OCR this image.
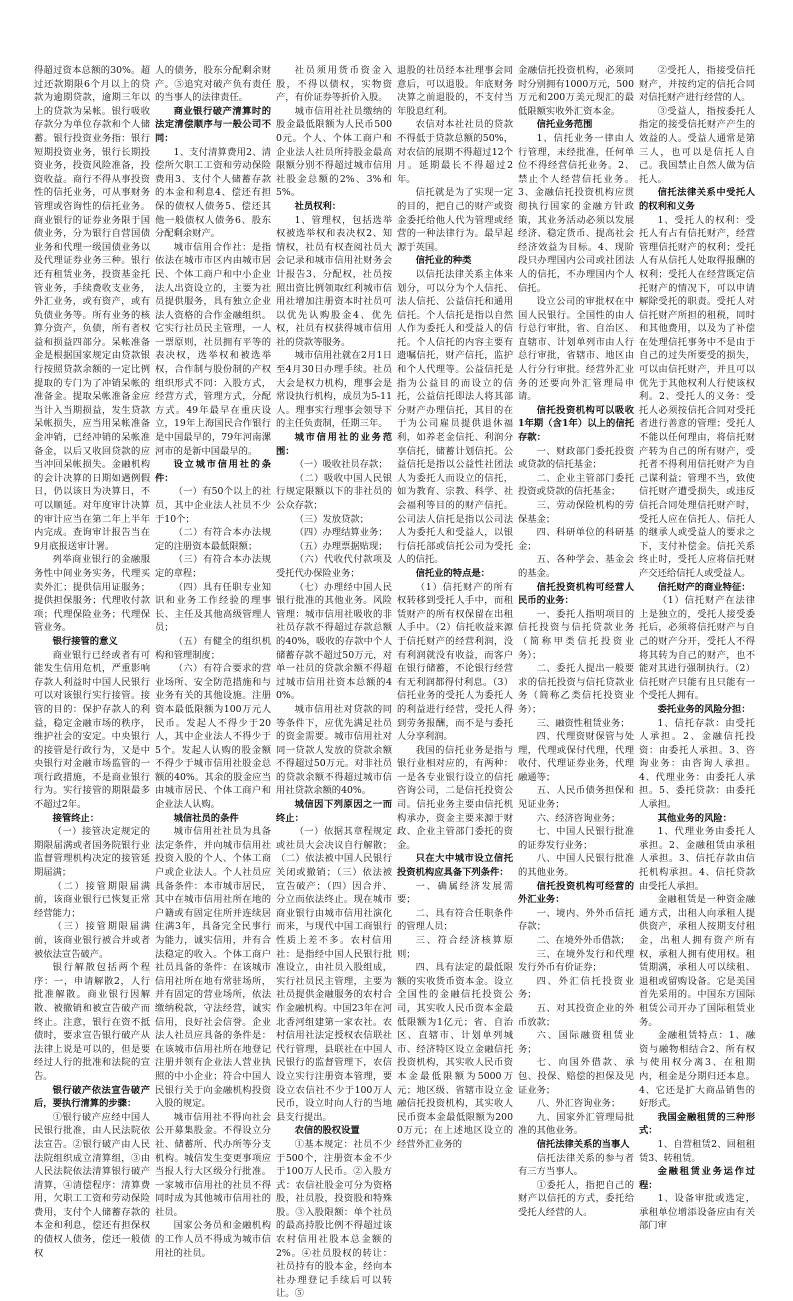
得超过资本总额的30%。超过还款期限6个月以上的贷款为逾期贷款，逾期三年以上的贷款为呆帐。银行吸收存款分为单位存款和个人储蓄。银行投资业务指：银行短期投资业务，银行长期投资业务，投资风险准备，投资收益。商行不得从事投资性的信托业务，可从事财务管理或咨询性的信托业务。商业银行的证券业务限于国债业务，分为银行自营国债业务和代理一级国债业务以及代理证券业务三种。银行还有租赁业务，投资基金托管业务，手续费收支业务，外汇业务，或有资产，或有负债业务等。所有业务的核算分资产，负债，所有者权益和损益四部分。呆帐准备金是根据国家规定由贷款银行按照贷款余额的一定比例提取的专门为了冲销呆帐的准备金。提取呆帐准备金应当计入当期损益，发生贷款呆帐损失，应当用呆帐准备金冲销，已经冲销的呆帐准备金，以后又收回贷款的应当冲回呆帐损失。金融机构的会计决算的日期如遇例假日，仍以该日为决算日，不可以顺延。对年度审计决算的审计应当在第二年上半年内完成。查询审计报告当在9月底报送审计署。

列举商业银行的金融服务性中间业务实务，代理买卖外汇；提供信用证服务；提供担保服务；代理收付款项；代理保险业务；代理保管业务。

银行接管的意义

商业银行已经或者有可能发生信用危机，严重影响存款人利益时中国人民银行可以对该银行实行接管。接管的目的：保护存款人的利益，稳定金融市场的秩序，维护社会的安定。中央银行的接管是行政行为，又是中央银行对金融市场监管的一项行政措施，不是商业银行行为。实行接管的期限最多不超过2年。

接管终止：

（一）接管决定规定的期限届满或者国务院银行业监督管理机构决定的接管延期届满；

（二）接管期限届满前，该商业银行已恢复正常经营能力；

（三）接管期限届满前，该商业银行被合并或者被依法宣告破产。

银行解散包括两个程序：一，申请解散2，人行批准解散。商业银行因解散、被撤销和被宣告破产而终止。注意，银行在资不抵债时，要求宣告银行破产从法律上说是可以的，但是要经过人行的批准和法院的宣告。

银行破产依法宣告破产后，要执行清算的步骤：

①银行破产应经中国人民银行批准，由人民法院依法宣告。②银行破产由人民法院组织成立清算组，③由人民法院依法清算银行破产清算，④清偿程序：清算费用，欠职工工资和劳动保险费用，支付个人储蓄存款的本金和利息，偿还有担保权的债权人债务，偿还一般债权

人的债务，股东分配剩余财产。⑤追究对破产负有责任的当事人的法律责任。

商业银行破产清算时的法定清偿顺序与一般公司不同：

1、支付清算费用2、清偿所欠职工工资和劳动保险费用3、支付个人储蓄存款的本金和利息4、偿还有担保的债权人债务5、偿还其他一般债权人债务6、股东分配剩余财产。

城市信用合作社：是指依法在城市市区内由城市居民、个体工商户和中小企业法人出资设立的，主要为社员提供服务，具有独立企业法人资格的合作金融组织。它实行社员民主管理，一人一票原则，社员拥有平等的表决权，选举权和被选举权，合作制与股份制的产权组织形式不同：入股方式，经营方式，管理方式，分配方式。49年最早在重庆设立，19年上海国民合作银行是中国最早的，79年河南漯河市的是新中国最早的。

设立城市信用社的条件：

（一）有50个以上的社员，其中企业法人社员不少于10个；

（二）有符合本办法规定的注册资本最低限额；

（三）有符合本办法规定的章程；

（四）具有任职专业知识和业务工作经验的理事长、主任及其他高级管理人员；

（五）有健全的组织机构和管理制度；

（六）有符合要求的营业场所、安全防范措施和与业务有关的其他设施。注册资本最低限额为100万元人民币。发起人不得少于20人，其中企业法人不得少于5个。发起人认购的股金额不得少于城市信用社股金总额的40%。其余的股金应当由城市居民、个体工商户和企业法人认购。

城信社员的条件

城市信用社社员为具备法定条件，并向城市信用社投资入股的个人、个体工商户或企业法人。个人社员应具备条件：本市城市居民，其中在城市信用社所在地的户籍或有固定住所并连续居住满3年，具备完全民事行为能力，诚实信用，并有合法稳定的收入。个体工商户社员具备的条件：在该城市信用社所在地有常驻场所，并有固定的营业场所，依法缴纳税款，守法经营，诚实信用，良好社会信誉。企业法人社员应具备的条件是：在该城市信用社所在地登记注册并领有企业法人营业执照的中小企业；符合中国人民银行关于向金融机构投资入股的规定。

城市信用社不得向社会公开募集股金。不得设立分社、储蓄所、代办所等分支机构。城信发生变更事项应当报人行大区级分行批准。一家城市信用社的社员不得同时成为其他城市信用社的社员。

国家公务员和金融机构的工作人员不得成为城市信用社的社员。

社员须用货币资金入股，不得以债权，实物资产，有价证券等折价入股。

城市信用社社员缴纳的股金最低限额为人民币5000元。个人、个体工商户和企业法人社员所持股金最高限额分别不得超过城市信用社股金总额的2%、3%和5%。

社员权利：

1、管理权，包括选举权被选举权和表决权2、知情权，社员有权查阅社员大会记录和城市信用社财务会计报告3、分配权，社员按照出资比例领取红利城市信用社增加注册资本时社员可以优先认购股金4、优先权，社员有权获得城市信用社的贷款等服务。

城市信用社就在2月1日至4月30日办理手续。社员大会是权力机构，理事会是常设执行机构，成员为5-11人。理事实行理事会领导下的主任负责制，任期三年。

城市信用社的业务范围：

（一）吸收社员存款；

（二）吸收中国人民银行规定限额以下的非社员的公众存款；

（三）发放贷款；

（四）办理结算业务；

（五）办理票据贴现；

（六）代收代付款项及受托代办保险业务；

（七）办理经中国人民银行批准的其他业务。风险管理：城市信用社吸收的非社员存款不得超过存款总额的40%，吸收的存款中个人储蓄存款不超过50万元，对单一社员的贷款余额不得超过城市信用社资本总额的40%。

城市信用社对贷款的同等条件下，应优先满足社员的资金需要。城市信用社对同一贷款人发放的贷款余额不得超过50万元。对非社员的贷款余额不得超过城市信用社贷款余额的40%。

城信因下列原因之一而终止：

（一）依据其章程规定或社员大会决议自行解散；（二）依法被中国人民银行关闭或撤销；（三）依法被宣告破产；（四）因合并、分立而依法终止。现在城市商业银行由城市信用社演化而来，与现代中国工商银行性质上差不多。农村信用社：是指经中国人民银行批准设立，由社员入股组成，实行社员民主管理，主要为社员提供金融服务的农村合作金融机构。中国23年在河北香河组建第一家农社。农村信用社法定授权农信联社代行管理，县联社在中国人民银行的监督管理下，农信设立实行注册资本管理，要设立农信社不少于100万人民币，设立时向人行的当地县支行提出。

农信的股权设置

①基本规定：社员不少于500个，注册资本金不少于100万人民币。②入股方式：农信社股金可分为资格股，社员股，投资股和特殊股。③入股限额：单个社员的最高持股比例不得超过该农村信用社股本总金额的2%。④社员股权的转让：社员持有的股本金，经向本社办理登记手续后可以转让。⑤

退股的社员经本社理事会同意后，可以退股。年底财务决算之前退股的，不支付当年股息红利。

农信对本社社员的贷款不得低于贷款总额的50%，对农信的展期不得超过12个月。延期最长不得超过2年。

信托就是为了实现一定的目的，把自己的财产或资金委托给他人代为管理或经营的一种法律行为。最早起源于英国。

信托业的种类

以信托法律关系主体来划分，可以分为个人信托、法人信托、公益信托和通用信托。个人信托是指以自然人作为委托人和受益人的信托。个人信托的内容主要有遗嘱信托，财产信托，监护和个人代理等。公益信托是指为公益目的而设立的信托，公益信托即法人将其部分财产办理信托，其目的在于为公司雇员提供退休福利，如养老金信托、利润分享信托，储蓄计划信托。公益信托是指以公益性社团法人为委托人而设立的信托，如为教育、宗教、科学、社会福利等目的的财产信托。公司法人信托是指以公司法人为委托人和受益人，以银行信托部或信托公司为受托人的信托。

信托业的特点是：

（1）信托财产的所有权转移到受托人手中，而租赁财产的所有权保留在出租人手中。（2）信托收益来源于信托财产的经营利润，没有利润就没有收益，而客户在银行储蓄，不论银行经营有无利润都得付利息。（3）信托业务的受托人为委托人的利益进行经营，受托人得到劳务报酬，而不是与委托人分享利润。

我国的信托业务是指与银行业相对应的，有两种：一是各专业银行设立的信托咨询公司，二是信托投资公司。信托业务主要由信托机构承办，资金主要来源于财政、企业主管部门委托的资金。

只在大中城市设立信托投资机构应具备下列条件：

一、确属经济发展需要；

二、具有符合任职条件的管理人员；

三、符合经济核算原则；

四、具有法定的最低限额的实收货币资本金。设立全国性的金融信托投资公司，其实收人民币资本金最低限额为1亿元；省、自治区、直辖市、计划单列城市、经济特区设立金融信托投资机构，其实收人民币资本金最低限额为5000万元；地区级、省辖市设立金融信托投资机构，其实收人民币资本金最低限额为2000万元；在上述地区设立的经营外汇业务的

金融信托投资机构，必须同时分别拥有1000万元，500万元和200万美元现汇的最低限额实收外汇资本金。

信托业务范围

1、信托业务一律由人行管理，未经批准，任何单位不得经营信托业务。2、禁止个人经营信托业务。3、金融信托投资机构应贯彻执行国家的金融方针政策，其业务活动必须以发展经济、稳定货币、提高社会经济效益为目标。4、现阶段只办理国内公司或社团法人的信托，不办理国内个人信托。

设立公司的审批权在中国人民银行。全国性的由人行总行审批，省、自治区、直辖市、计划单列市由人行总行审批，省辖市、地区由人行分行审批。经营外汇业务的还要向外汇管理局申请。

信托投资机构可以吸收1年期（含1年）以上的信托存款：

一、财政部门委托投资或贷款的信托基金；

二、企业主管部门委托投资或贷款的信托基金；

三、劳动保险机构的劳保基金；

四、科研单位的科研基金；

五、各种学会、基金会的基金。

信托投资机构可经营人民币的业务：

一、委托人指明项目的信托投资与信托贷款业务（简称甲类信托投资业务）；

二、委托人提出一般要求的信托投资与信托贷款业务（简称乙类信托投资业务）；

三、融资性租赁业务；

四、代理资财保管与处理，代理或保付代理，代理收付、代理证券业务，代理融通等；

五、人民币债务担保和见证业务；

六、经济咨询业务；

七、中国人民银行批准的证券发行业务；

八、中国人民银行批准的其他业务。

信托投资机构可经营的外汇业务：

一、境内、外外币信托存款；

二、在境外外币借款；

三、在境外发行和代理发行外币有价证券；

四、外汇信托投资业务；

五、对其投资企业的外币放款；

六、国际融资租赁业务；

七、向国外借款、承包、投保、赔偿的担保及见证业务；

八、外汇咨询业务；

九、国家外汇管理局批准的其他业务。

信托法律关系的当事人

信托法律关系的参与者有三方当事人。

①委托人，指把自己的财产以信托的方式，委托给受托人经营的人。

②受托人，指接受信托财产，并按约定的信托合同对信托财产进行经营的人。

③受益人，指按委托人指定的接受信托财产产生的效益的人。受益人通常是第三人，也可以是信托人自己。我国禁止自然人做为信托人。

信托法律关系中受托人的权利和义务

1、受托人的权利：受托人有占有信托财产，经营管理信托财产的权利；受托人有从信托人处取得报酬的权利；受托人在经营既定信托财产的情况下，可以申请解除受托的职责。受托人对信托财产所担的租税，同时和其他费用，以及为了补偿在处理信托事务中不是由于自己的过失所要受的损失，可以由信托财产，并且可以优先于其他权利人行使该权利。2、受托人的义务：受托人必须按信托合同对受托者进行善意的管理；受托人不能以任何理由，将信托财产转为自己的所有财产，受托者不得利用信托财产为自己谋利益；管理不当，致使信托财产遭受损失，或违反信托合同处理信托财产时，受托人应在信托人、信托人的继承人或受益人的要求之下，支付补偿金。信托关系终止时，受托人应将信托财产交还给信托人或受益人。

信托财产的商业特征：

（1）信托财产在法律上是独立的，受托人接受委托后，必须将信托财产与自己的财产分开，受托人不得将其转为自己的财产，也不能对其进行强制执行。（2）信托财产只能有且只能有一个受托人拥有。

委托业务的风险分担：

1、信托存款：由受托人承担。2、金融信托投资：由委托人承担。3、咨询业务：由咨询人承担。4、代理业务：由委托人承担。5、委托贷款：由委托人承担。

其他业务的风险：

1、代理业务由委托人承担。2、金融租赁由承租人承担。3、信托存款由信托机构承担。4、信托贷款由受托人承担。

金融租赁是一种资金融通方式，出租人向承租人提供资产，承租人按期支付租金，出租人拥有资产所有权，承租人拥有使用权。租赁期满，承租人可以续租、退租或留购设备。它是美国首先采用的。中国东方国际租赁公司开办了国际租赁业务。

金融租赁特点：1、融资与融物相结合2、所有权与使用权分离3、在租期内，租金是分期归还本息。4、它还是扩大商品销售的好形式。

我国金融租赁的三种形式：

1、自营租赁2、回租租赁3、转租赁。

金融租赁业务运作过程：

1、设备审批或选定，承租单位增添设备应由有关部门审
